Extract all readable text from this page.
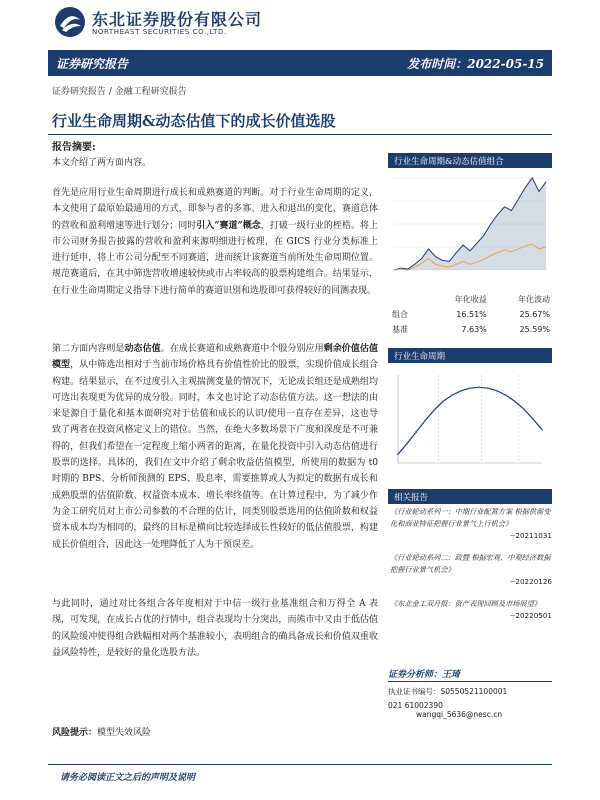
东北证券股份有限公司
NORTHEAST SECURITIES CO.,LTD.
证券研究报告	发布时间：2022-05-15
证券研究报告 / 金融工程研究报告
行业生命周期&动态估值下的成长价值选股
报告摘要:
本文介绍了两方面内容。
首先是应用行业生命周期进行成长和成熟赛道的判断。对于行业生命周期的定义，本文使用了最原始最通用的方式，即参与者的多寡、进入和退出的变化、赛道总体的营收和盈利增速等进行划分；同时引入“赛道”概念，打破一级行业的桎梏。将上市公司财务报告披露的营收和盈利来源明细进行梳理，在 GICS 行业分类标准上进行延申，将上市公司分配至不同赛道，进而统计该赛道当前所处生命周期位置。规范赛道后，在其中筛选营收增速较快或市占率较高的股票构建组合。结果显示，在行业生命周期定义指导下进行简单的赛道识别和选股即可获得较好的回测表现。
第二方面内容则是动态估值。在成长赛道和成熟赛道中个股分别应用剩余价值估值模型，从中筛选出相对于当前市场价格具有价值性价比的股票，实现价值成长组合构建。结果显示，在不过度引入主观揣测变量的情况下，无论成长组还是成熟组均可选出表现更为优异的成分股。同时，本文也讨论了动态估值方法。这一想法的由来是源自于量化和基本面研究对于估值和成长的认识/使用一直存在差异，这也导致了两者在投资风格定义上的错位。当然，在绝大多数场景下广度和深度是不可兼得的，但我们希望在一定程度上缩小两者的距离，在量化投资中引入动态估值进行股票的选择。具体的，我们在文中介绍了剩余收益估值模型，所使用的数据为 t0 时期的 BPS、分析师预测的 EPS、股息率，需要推算或人为拟定的数据有成长和成熟股票的估值阶数、权益资本成本、增长率终值等。在计算过程中，为了减少作为金工研究员对上市公司参数的不合理的估计，同类别股票选用的估值阶数和权益资本成本均为相同的，最终的目标是横向比较选择成长性较好的低估值股票，构建成长价值组合，因此这一处理降低了人为干预误差。
与此同时，通过对比各组合各年度相对于中信一级行业基准组合和万得全 A 表现，可发现，在成长占优的行情中，组合表现均十分突出，而熊市中又由于低估值的风险缓冲使得组合跌幅相对两个基准较小，表明组合的确具备成长和价值双重收益风险特性，是较好的量化选股方法。
风险提示：模型失效风险
请务必阅读正文之后的声明及说明
行业生命周期&动态估值组合
	年化收益	年化波动
组合	16.51%	25.67%
基准	7.63%	25.59%
行业生命周期
相关报告
《行业轮动系列一：中期行业配置方案 根据供需变化和商业特征把握行业景气上行机会》
--20211031
《行业轮动系列二：政暨 根据宏观、中观经济数据把握行业景气机会》
--20220126
《东北金工双月报：资产表现回顾及市场展望》
--20220501
证券分析师：王琦
执业证书编号：S0550521100001
021 61002390 wangqi_5636@nesc.cn
